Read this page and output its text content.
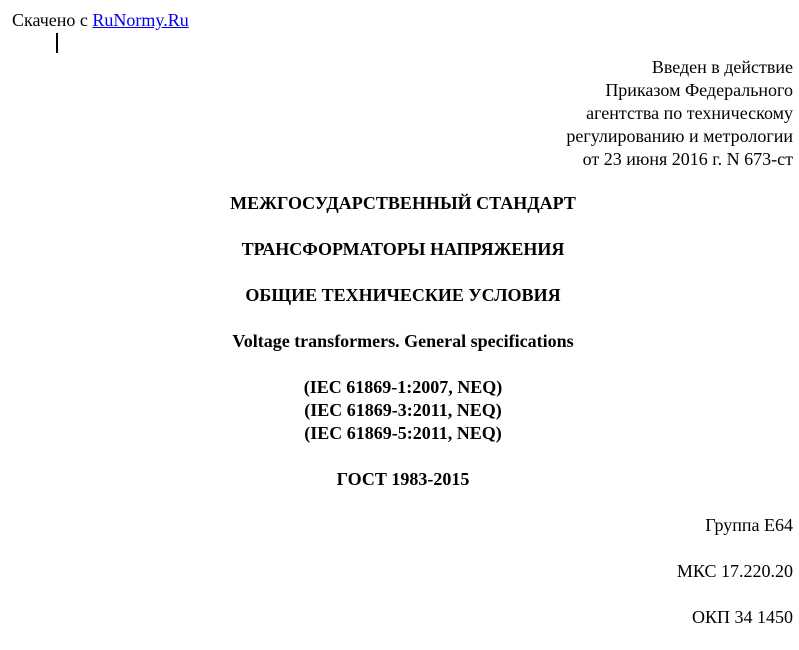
Скачено с RuNormy.Ru
Введен в действие
Приказом Федерального
агентства по техническому
регулированию и метрологии
от 23 июня 2016 г. N 673-ст
МЕЖГОСУДАРСТВЕННЫЙ СТАНДАРТ
ТРАНСФОРМАТОРЫ НАПРЯЖЕНИЯ
ОБЩИЕ ТЕХНИЧЕСКИЕ УСЛОВИЯ
Voltage transformers. General specifications
(IEC 61869-1:2007, NEQ)
(IEC 61869-3:2011, NEQ)
(IEC 61869-5:2011, NEQ)
ГОСТ 1983-2015
Группа Е64
МКС 17.220.20
ОКП 34 1450
